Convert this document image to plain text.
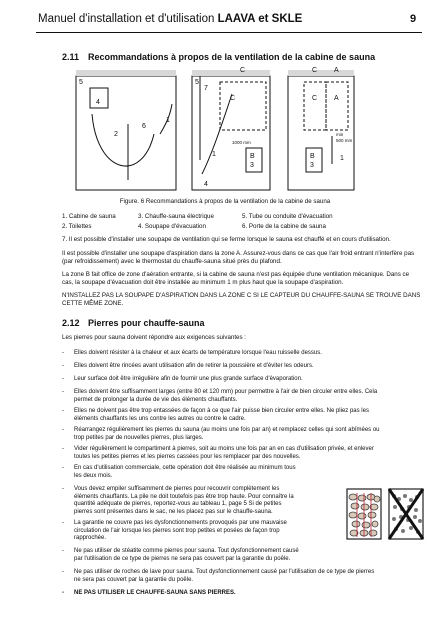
Manuel d'installation et d'utilisation LAAVA et SKLE	9
2.11 Recommandations à propos de la ventilation de la cabine de sauna
5
4
2
6
1
5
7
C
C
1000 mm
1	B
3
4
C A
C A
min
500 mm
B
3
1
Figure. 6 Recommandations à propos de la ventilation de la cabine de sauna
1. Cabine de sauna	3. Chauffe-sauna électrique	5. Tube ou conduite d'évacuation
2. Toilettes	4. Soupape d'évacuation	6. Porte de la cabine de sauna
7. Il est possible d'installer une soupape de ventilation qui se ferme lorsque le sauna est chauffé et en cours d'utilisation.
Il est possible d'installer une soupape d'aspiration dans la zone A. Assurez-vous dans ce cas que l'air froid entrant n'interfère pas (par refroidissement) avec le thermostat du chauffe-sauna situé près du plafond.
La zone B fait office de zone d'aération entrante, si la cabine de sauna n'est pas équipée d'une ventilation mécanique. Dans ce cas, la soupape d'évacuation doit être installée au minimum 1 m plus haut que la soupape d'aspiration.
N'INSTALLEZ PAS LA SOUPAPE D'ASPIRATION DANS LA ZONE C SI LE CAPTEUR DU CHAUFFE-SAUNA SE TROUVE DANS CETTE MÊME ZONE.
2.12 Pierres pour chauffe-sauna
Les pierres pour sauna doivent répondre aux exigences suivantes :
- Elles doivent résister à la chaleur et aux écarts de température lorsque l'eau ruisselle dessus.
- Elles doivent être rincées avant utilisation afin de retirer la poussière et d'éviter les odeurs.
- Leur surface doit être irrégulière afin de fournir une plus grande surface d'évaporation.
- Elles doivent être suffisamment larges (entre 80 et 120 mm) pour permettre à l'air de bien circuler entre elles. Cela
permet de prolonger la durée de vie des éléments chauffants.
- Elles ne doivent pas être trop entassées de façon à ce que l'air puisse bien circuler entre elles. Ne pliez pas les
éléments chauffants les uns contre les autres ou contre le cadre.
- Réarrangez régulièrement les pierres du sauna (au moins une fois par an) et remplacez celles qui sont abîmées ou
trop petites par de nouvelles pierres, plus larges.
- Vider régulièrement le compartiment à pierres, soit au moins une fois par an en cas d'utilisation privée, et enlever
toutes les petites pierres et les pierres cassées pour les remplacer par des nouvelles.
- En cas d'utilisation commerciale, cette opération doit être réalisée au minimum tous
les deux mois.
- Vous devez empiler suffisamment de pierres pour recouvrir complètement les
éléments chauffants. La pile ne doit toutefois pas être trop haute. Pour connaître la
quantité adéquate de pierres, reportez-vous au tableau 1, page 5 Si de petites
pierres sont présentes dans le sac, ne les placez pas sur le chauffe-sauna.
- La garantie ne couvre pas les dysfonctionnements provoqués par une mauvaise
circulation de l'air lorsque les pierres sont trop petites et posées de façon trop
rapprochée.
- Ne pas utiliser de stéatite comme pierres pour sauna. Tout dysfonctionnement causé
par l'utilisation de ce type de pierres ne sera pas couvert par la garantie du poêle.
- Ne pas utiliser de roches de lave pour sauna. Tout dysfonctionnement causé par l'utilisation de ce type de pierres
ne sera pas couvert par la garantie du poêle.
- NE PAS UTILISER LE CHAUFFE-SAUNA SANS PIERRES.
